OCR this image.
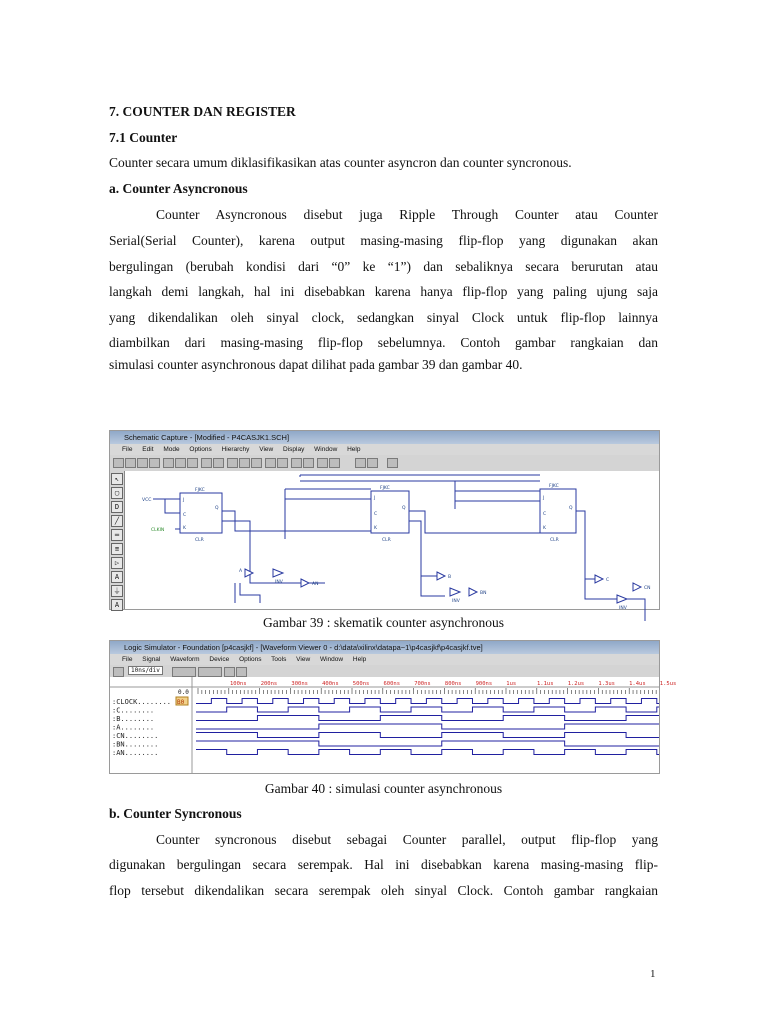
7. COUNTER DAN REGISTER
7.1 Counter
Counter secara umum diklasifikasikan atas counter asyncron dan counter syncronous.
a. Counter Asyncronous
Counter Asyncronous disebut juga Ripple Through Counter atau Counter
Serial(Serial Counter), karena output masing-masing flip-flop yang digunakan akan
bergulingan (berubah kondisi dari “0” ke “1”) dan sebaliknya secara berurutan atau
langkah demi langkah, hal ini disebabkan karena hanya flip-flop yang paling ujung saja
yang dikendalikan oleh sinyal clock, sedangkan sinyal Clock untuk flip-flop lainnya
diambilkan dari masing-masing flip-flop sebelumnya. Contoh gambar rangkaian dan
simulasi counter asynchronous dapat dilihat pada gambar 39 dan gambar 40.
Schematic Capture - [Modified - P4CASJK1.SCH]
File Edit Mode Options Hierarchy View Display Window Help
↖
▢
D
╱
═
≡
▷
A
⏚
A
VCC
CLKIN
FJKC	FJKC	FJKC
CLR	CLR	CLR
J
C
K
Q
J
C
K
Q
J
C
K
Q
A
INV	AN
B
INV
BN
C
INV
CN
Gambar 39 : skematik counter asynchronous
Logic Simulator - Foundation [p4casjkf] - [Waveform Viewer 0 - d:\data\xilinx\datapa~1\p4casjkf\p4casjkf.tve]
File Signal Waveform Device Options Tools View Window Help
10ns/div
100ns	200ns	300ns	400ns	500ns	600ns	700ns	800ns	900ns	1us	1.1us	1.2us	1.3us	1.4us	1.5us
0.0
:CLOCK........
:C........
:B........
:A........
:CN........
:BN........
:AN........
B0
Gambar 40 : simulasi counter asynchronous
b. Counter Syncronous
Counter syncronous disebut sebagai Counter parallel, output flip-flop yang
digunakan bergulingan secara serempak. Hal ini disebabkan karena masing-masing flip-
flop tersebut dikendalikan secara serempak oleh sinyal Clock. Contoh gambar rangkaian
1
